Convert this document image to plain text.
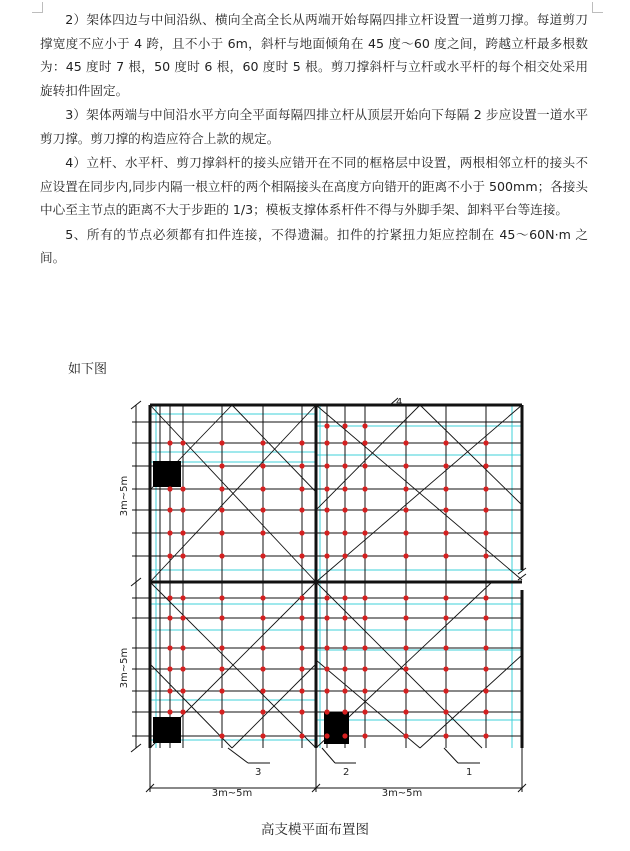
2）架体四边与中间沿纵、横向全高全长从两端开始每隔四排立杆设置一道剪刀撑。每道剪刀撑宽度不应小于 4 跨，且不小于 6m，斜杆与地面倾角在 45 度～60 度之间，跨越立杆最多根数为：45 度时 7 根，50 度时 6 根，60 度时 5 根。剪刀撑斜杆与立杆或水平杆的每个相交处采用旋转扣件固定。

3）架体两端与中间沿水平方向全平面每隔四排立杆从顶层开始向下每隔 2 步应设置一道水平剪刀撑。剪刀撑的构造应符合上款的规定。

4）立杆、水平杆、剪刀撑斜杆的接头应错开在不同的框格层中设置，两根相邻立杆的接头不应设置在同步内,同步内隔一根立杆的两个相隔接头在高度方向错开的距离不小于 500mm；各接头中心至主节点的距离不大于步距的 1/3；模板支撑体系杆件不得与外脚手架、卸料平台等连接。

5、所有的节点必须都有扣件连接，不得遗漏。扣件的拧紧扭力矩应控制在 45～60N·m 之间。

如下图
3m~5m
3m~5m
3m~5m	3m~5m
1
2
3
4
高支模平面布置图
